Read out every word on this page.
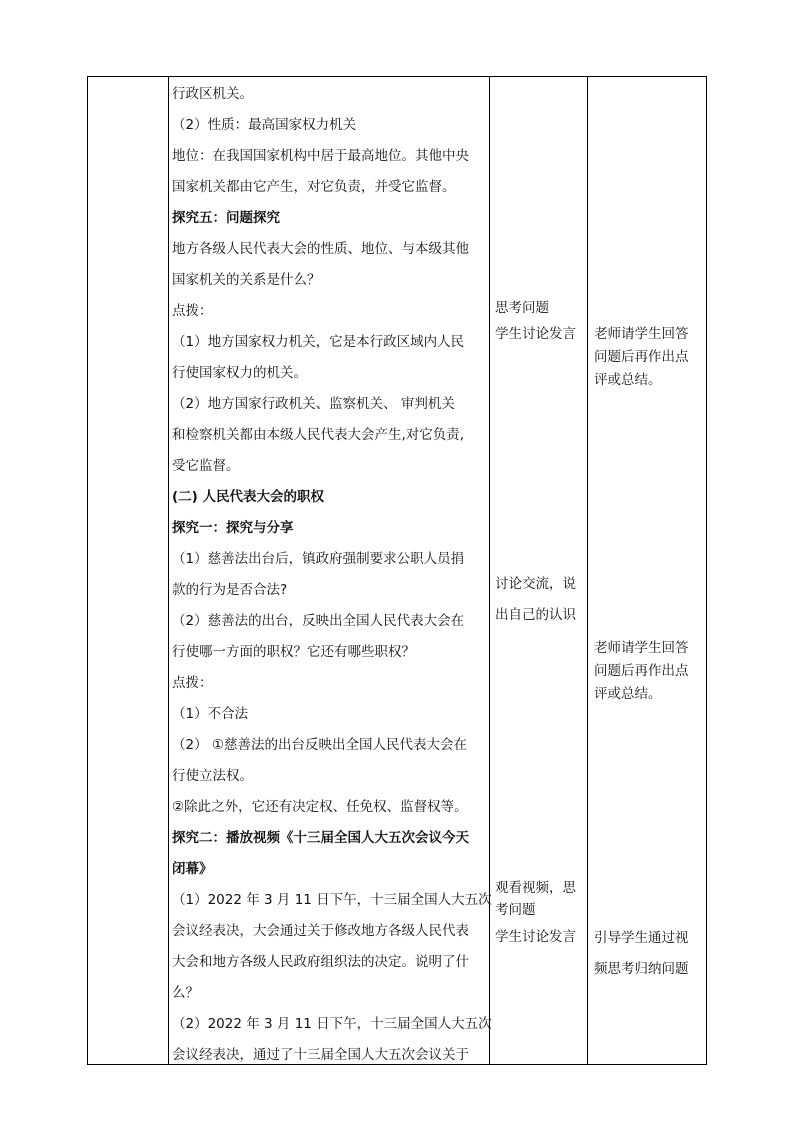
行政区机关。

（2）性质：最高国家权力机关

地位：在我国国家机构中居于最高地位。其他中央

国家机关都由它产生，对它负责，并受它监督。

探究五：问题探究

地方各级人民代表大会的性质、地位、与本级其他

国家机关的关系是什么？

点拨：

（1）地方国家权力机关，它是本行政区域内人民

行使国家权力的机关。

（2）地方国家行政机关、监察机关、 审判机关

和检察机关都由本级人民代表大会产生,对它负责,

受它监督。

(二) 人民代表大会的职权

探究一：探究与分享

（1）慈善法出台后，镇政府强制要求公职人员捐

款的行为是否合法?

（2）慈善法的出台，反映出全国人民代表大会在

行使哪一方面的职权？它还有哪些职权？

点拨：

（1）不合法

（2） ①慈善法的出台反映出全国人民代表大会在

行使立法权。

②除此之外，它还有决定权、任免权、监督权等。

探究二：播放视频《十三届全国人大五次会议今天

闭幕》

（1）2022 年 3 月 11 日下午，十三届全国人大五次

会议经表决，大会通过关于修改地方各级人民代表

大会和地方各级人民政府组织法的决定。说明了什

么？

（2）2022 年 3 月 11 日下午，十三届全国人大五次

会议经表决，通过了十三届全国人大五次会议关于

思考问题
学生讨论发言
讨论交流，说
出自己的认识
观看视频，思
考问题
学生讨论发言
老师请学生回答
问题后再作出点
评或总结。
老师请学生回答
问题后再作出点
评或总结。
引导学生通过视
频思考归纳问题
